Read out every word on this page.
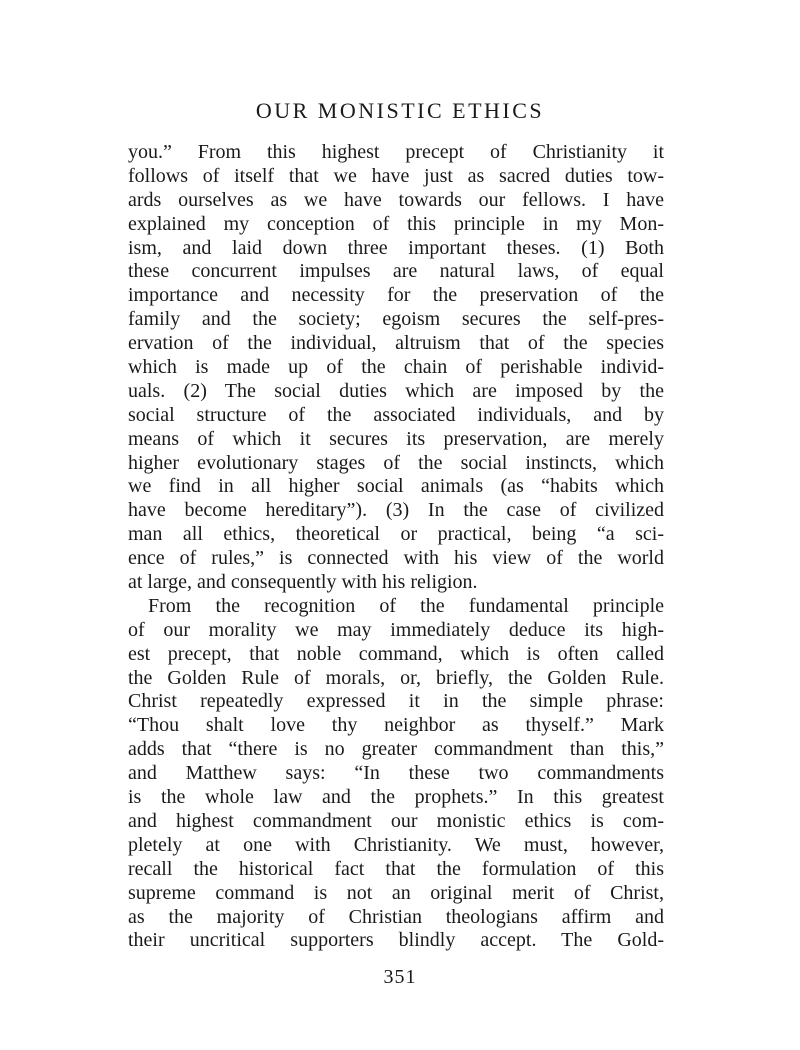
OUR MONISTIC ETHICS
you.” From this highest precept of Christianity it
follows of itself that we have just as sacred duties tow-
ards ourselves as we have towards our fellows. I have
explained my conception of this principle in my Mon-
ism, and laid down three important theses. (1) Both
these concurrent impulses are natural laws, of equal
importance and necessity for the preservation of the
family and the society; egoism secures the self-pres-
ervation of the individual, altruism that of the species
which is made up of the chain of perishable individ-
uals. (2) The social duties which are imposed by the
social structure of the associated individuals, and by
means of which it secures its preservation, are merely
higher evolutionary stages of the social instincts, which
we find in all higher social animals (as “habits which
have become hereditary”). (3) In the case of civilized
man all ethics, theoretical or practical, being “a sci-
ence of rules,” is connected with his view of the world
at large, and consequently with his religion.
From the recognition of the fundamental principle
of our morality we may immediately deduce its high-
est precept, that noble command, which is often called
the Golden Rule of morals, or, briefly, the Golden Rule.
Christ repeatedly expressed it in the simple phrase:
“Thou shalt love thy neighbor as thyself.” Mark
adds that “there is no greater commandment than this,”
and Matthew says: “In these two commandments
is the whole law and the prophets.” In this greatest
and highest commandment our monistic ethics is com-
pletely at one with Christianity. We must, however,
recall the historical fact that the formulation of this
supreme command is not an original merit of Christ,
as the majority of Christian theologians affirm and
their uncritical supporters blindly accept. The Gold-
351
